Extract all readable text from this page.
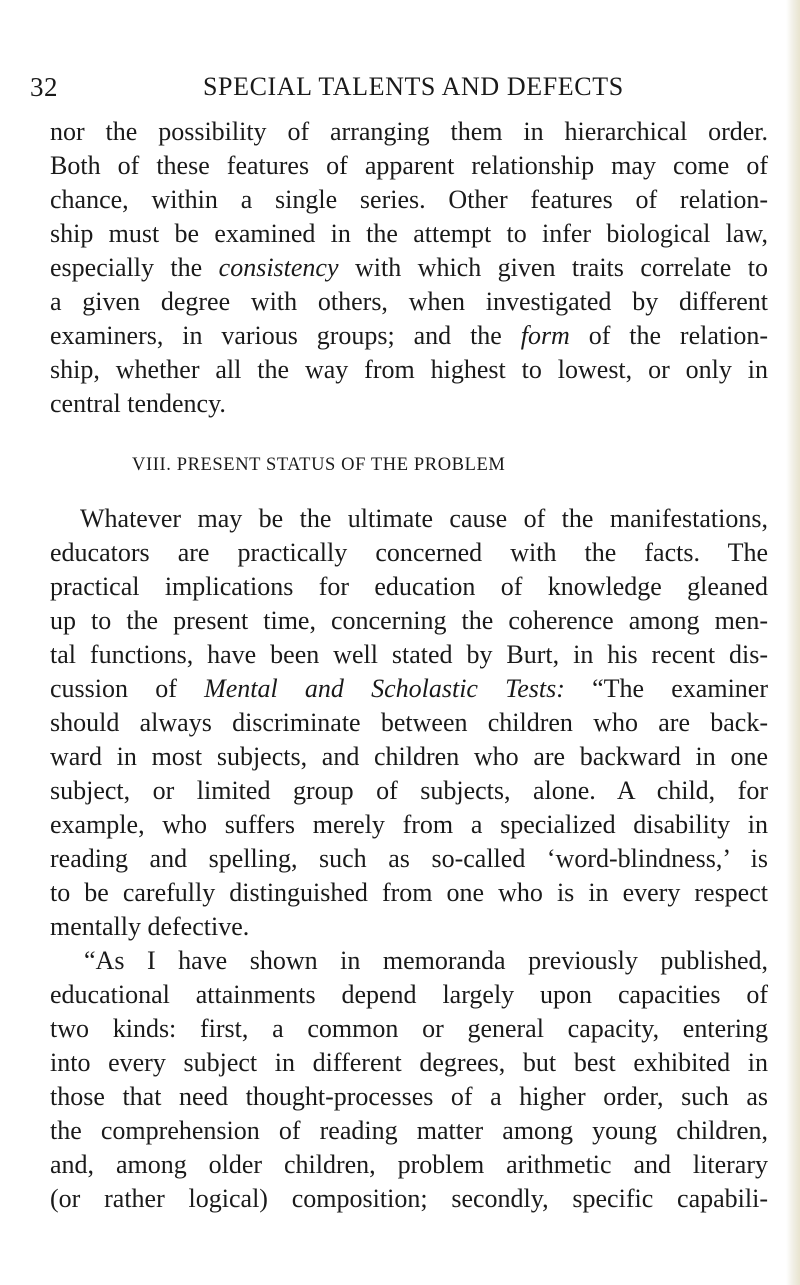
32	SPECIAL TALENTS AND DEFECTS
nor the possibility of arranging them in hierarchical order.
Both of these features of apparent relationship may come of
chance, within a single series. Other features of relation-
ship must be examined in the attempt to infer biological law,
especially the consistency with which given traits correlate to
a given degree with others, when investigated by different
examiners, in various groups; and the form of the relation-
ship, whether all the way from highest to lowest, or only in
central tendency.
VIII. PRESENT STATUS OF THE PROBLEM
Whatever may be the ultimate cause of the manifestations,
educators are practically concerned with the facts. The
practical implications for education of knowledge gleaned
up to the present time, concerning the coherence among men-
tal functions, have been well stated by Burt, in his recent dis-
cussion of Mental and Scholastic Tests: “The examiner
should always discriminate between children who are back-
ward in most subjects, and children who are backward in one
subject, or limited group of subjects, alone. A child, for
example, who suffers merely from a specialized disability in
reading and spelling, such as so-called ‘word-blindness,’ is
to be carefully distinguished from one who is in every respect
mentally defective.
“As I have shown in memoranda previously published,
educational attainments depend largely upon capacities of
two kinds: first, a common or general capacity, entering
into every subject in different degrees, but best exhibited in
those that need thought-processes of a higher order, such as
the comprehension of reading matter among young children,
and, among older children, problem arithmetic and literary
(or rather logical) composition; secondly, specific capabili-
